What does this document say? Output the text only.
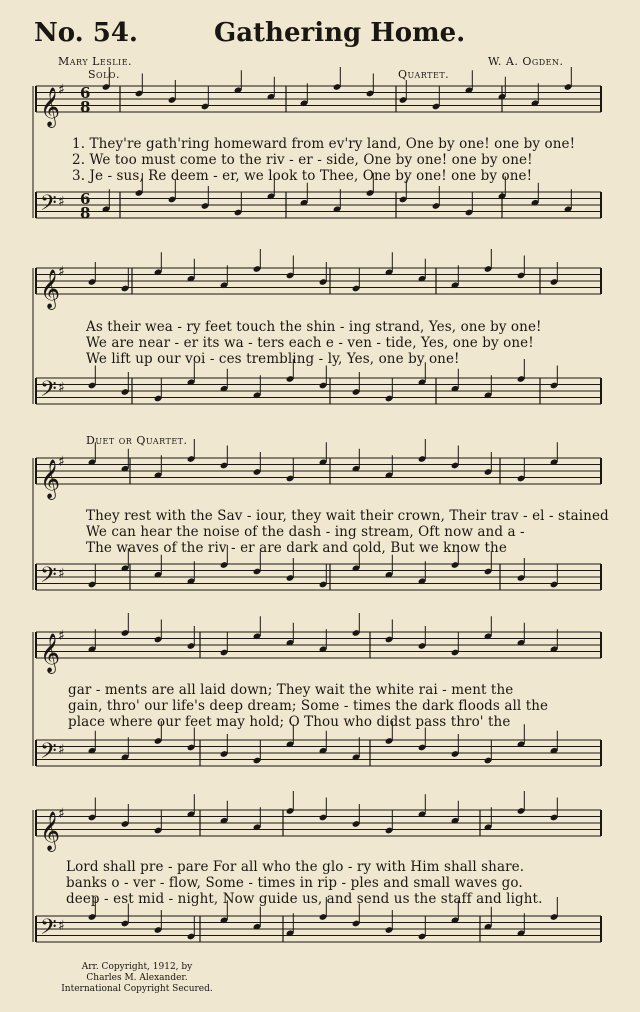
No. 54.	Gathering Home.
Mary Leslie.	W. A. Ogden.
Solo.	Quartet.
Duet or Quartet.
𝄞
♯ 6
8
𝄢 ♯ 6
8
𝄞
♯
𝄢 ♯
𝄞
♯
𝄢 ♯
𝄞
♯
𝄢 ♯
𝄞
♯
𝄢 ♯
1. They're gath'ring homeward from ev'ry land, One by one! one by one!
2. We too must come to the riv - er - side, One by one! one by one!
3. Je - sus, Re deem - er, we look to Thee, One by one! one by one!
As their wea - ry feet touch the shin - ing strand, Yes, one by one!
We are near - er its wa - ters each e - ven - tide, Yes, one by one!
We lift up our voi - ces trembling - ly, Yes, one by one!
They rest with the Sav - iour, they wait their crown, Their trav - el - stained
We can hear the noise of the dash - ing stream, Oft now and a -
The waves of the riv - er are dark and cold, But we know the
gar - ments are all laid down; They wait the white rai - ment the
gain, thro' our life's deep dream; Some - times the dark floods all the
place where our feet may hold; O Thou who didst pass thro' the
Lord shall pre - pare For all who the glo - ry with Him shall share.
banks o - ver - flow, Some - times in rip - ples and small waves go.
deep - est mid - night, Now guide us, and send us the staff and light.
Arr. Copyright, 1912, by
Charles M. Alexander.
International Copyright Secured.
